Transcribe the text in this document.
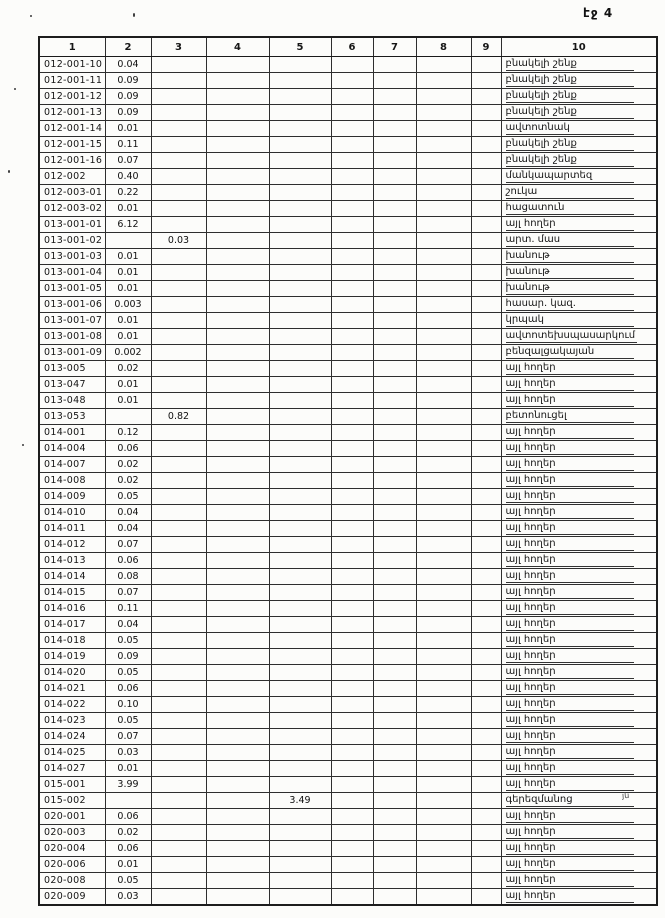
էջ 4
1	2	3	4	5	6	7	8	9	10
012-001-10	0.04								բնակելի շենք
012-001-11	0.09								բնակելի շենք
012-001-12	0.09								բնակելի շենք
012-001-13	0.09								բնակելի շենք
012-001-14	0.01								ավտոտնակ
012-001-15	0.11								բնակելի շենք
012-001-16	0.07								բնակելի շենք
012-002	0.40								մանկապարտեզ
012-003-01	0.22								շուկա
012-003-02	0.01								հացատուն
013-001-01	6.12								այլ հողեր
013-001-02		0.03							արտ. մաս
013-001-03	0.01								խանութ
013-001-04	0.01								խանութ
013-001-05	0.01								խանութ
013-001-06	0.003								հասար. կազ.
013-001-07	0.01								կրպակ
013-001-08	0.01								ավտոտեխսպասարկում
013-001-09	0.002								բենզալցակայան
013-005	0.02								այլ հողեր
013-047	0.01								այլ հողեր
013-048	0.01								այլ հողեր
013-053		0.82							բետոնուցել
014-001	0.12								այլ հողեր
014-004	0.06								այլ հողեր
014-007	0.02								այլ հողեր
014-008	0.02								այլ հողեր
014-009	0.05								այլ հողեր
014-010	0.04								այլ հողեր
014-011	0.04								այլ հողեր
014-012	0.07								այլ հողեր
014-013	0.06								այլ հողեր
014-014	0.08								այլ հողեր
014-015	0.07								այլ հողեր
014-016	0.11								այլ հողեր
014-017	0.04								այլ հողեր
014-018	0.05								այլ հողեր
014-019	0.09								այլ հողեր
014-020	0.05								այլ հողեր
014-021	0.06								այլ հողեր
014-022	0.10								այլ հողեր
014-023	0.05								այլ հողեր
014-024	0.07								այլ հողեր
014-025	0.03								այլ հողեր
014-027	0.01								այլ հողեր
015-001	3.99								այլ հողեր
015-002				3.49					գերեզմանոց
020-001	0.06								այլ հողեր
020-003	0.02								այլ հողեր
020-004	0.06								այլ հողեր
020-006	0.01								այլ հողեր
020-008	0.05								այլ հողեր
020-009	0.03								այլ հողեր
յն
